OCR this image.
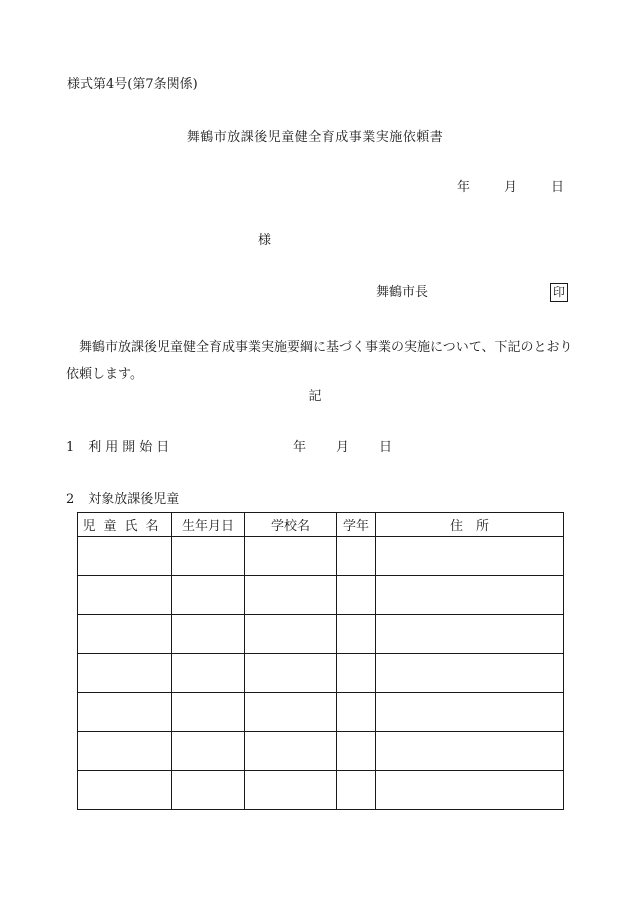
様式第4号(第7条関係)
舞鶴市放課後児童健全育成事業実施依頼書
年	月	日
様
舞鶴市長	印
舞鶴市放課後児童健全育成事業実施要綱に基づく事業の実施について、下記のとおり依頼します。
記
1 利用開始日	年 月 日
2 対象放課後児童
児童氏名	生年月日	学校名	学年	住　所
